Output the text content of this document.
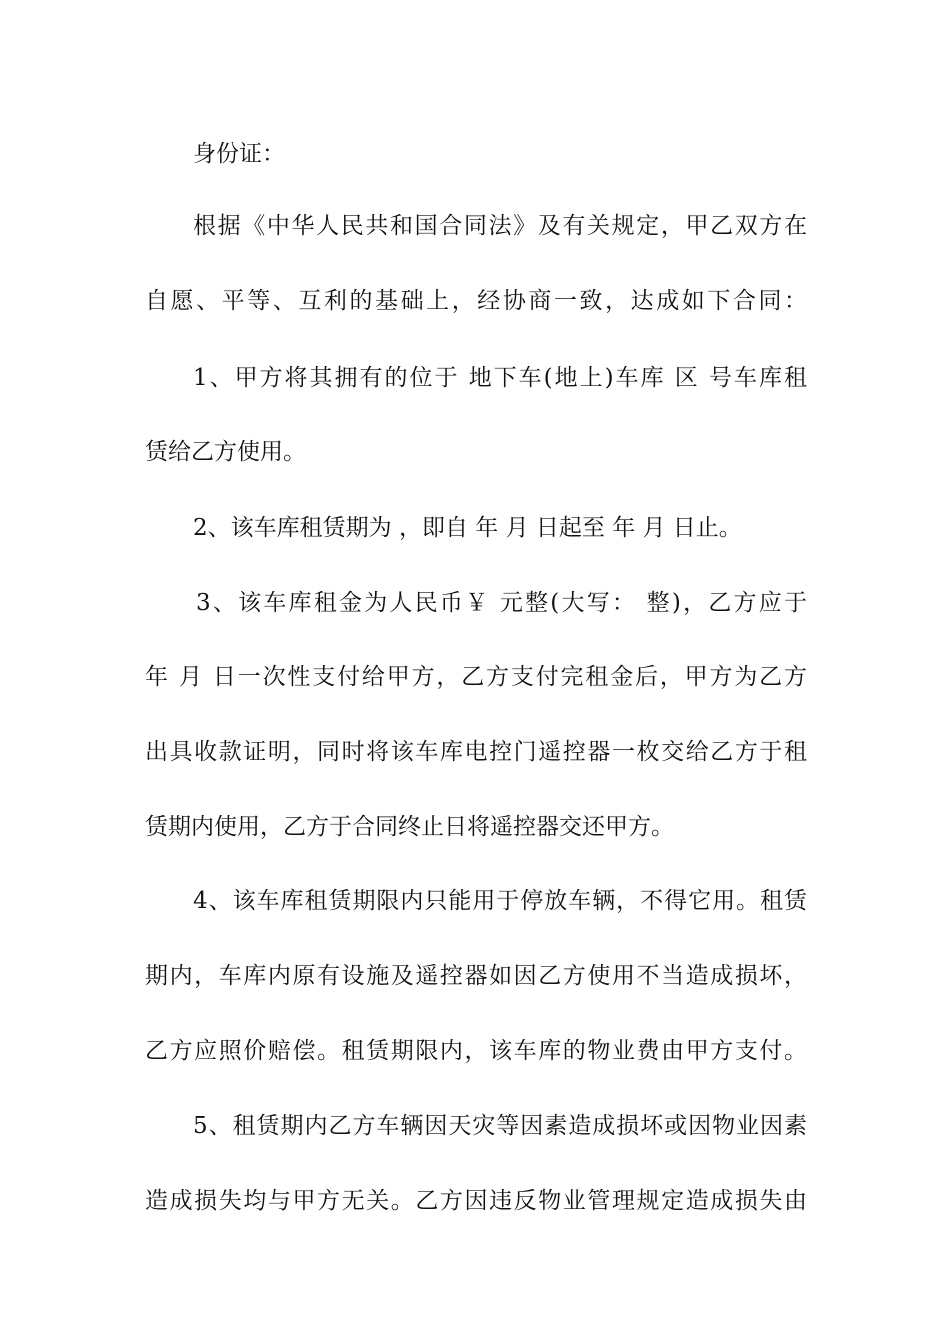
身份证：
根据《中华人民共和国合同法》及有关规定，甲乙双方在
自愿、平等、互利的基础上，经协商一致，达成如下合同：
1、甲方将其拥有的位于 地下车(地上)车库 区 号车库租
赁给乙方使用。
2、该车库租赁期为 ，即自 年 月 日起至 年 月 日止。
3、该车库租金为人民币￥ 元整(大写： 整)，乙方应于
年 月 日一次性支付给甲方，乙方支付完租金后，甲方为乙方
出具收款证明，同时将该车库电控门遥控器一枚交给乙方于租
赁期内使用，乙方于合同终止日将遥控器交还甲方。
4、该车库租赁期限内只能用于停放车辆，不得它用。租赁
期内，车库内原有设施及遥控器如因乙方使用不当造成损坏，
乙方应照价赔偿。租赁期限内，该车库的物业费由甲方支付。
5、租赁期内乙方车辆因天灾等因素造成损坏或因物业因素
造成损失均与甲方无关。乙方因违反物业管理规定造成损失由
